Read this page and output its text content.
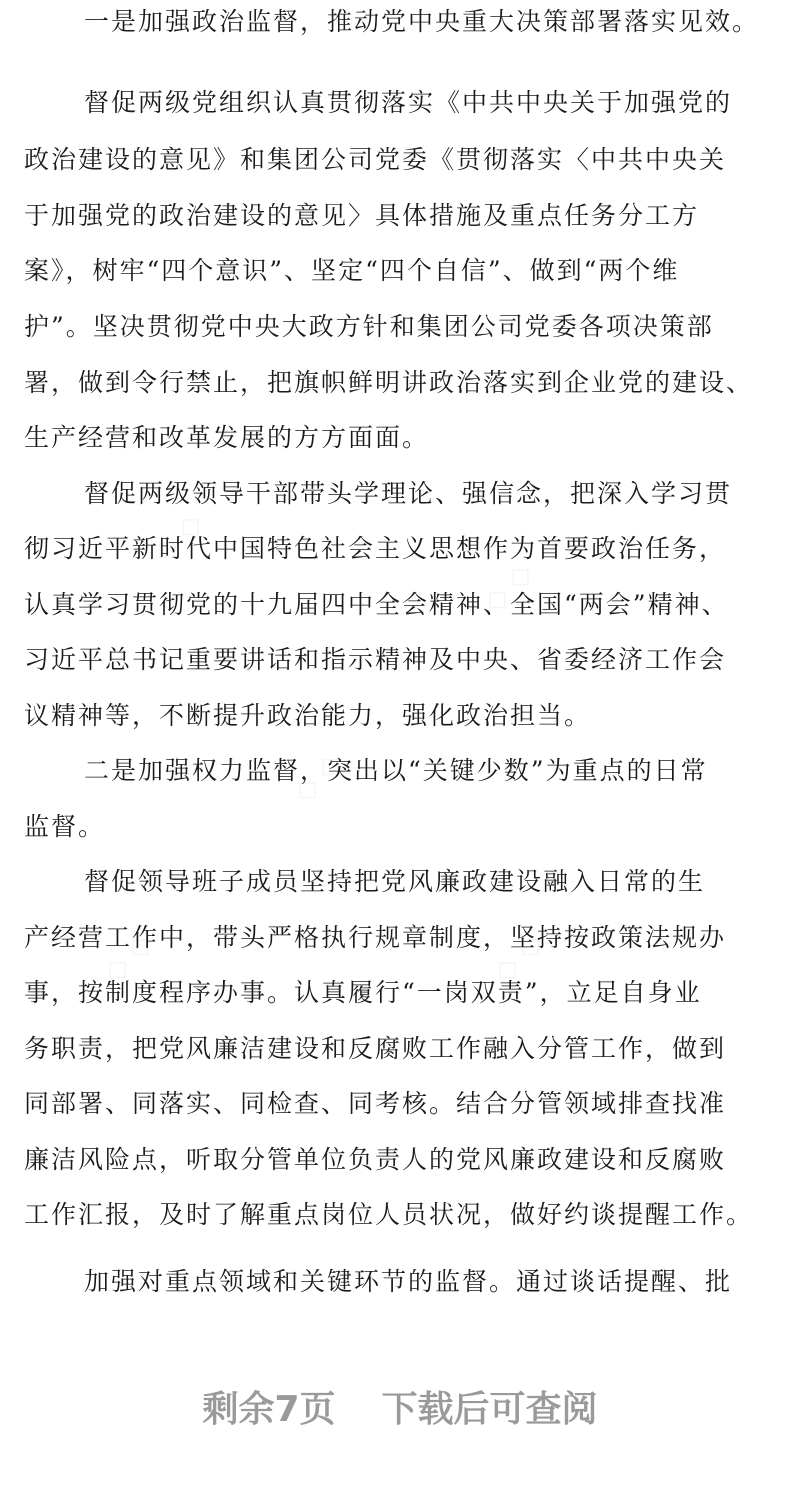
一是加强政治监督，推动党中央重大决策部署落实见效。
督促两级党组织认真贯彻落实《中共中央关于加强党的
政治建设的意见》和集团公司党委《贯彻落实〈中共中央关
于加强党的政治建设的意见〉具体措施及重点任务分工方
案》，树牢“四个意识”、坚定“四个自信”、做到“两个维
护”。坚决贯彻党中央大政方针和集团公司党委各项决策部
署，做到令行禁止，把旗帜鲜明讲政治落实到企业党的建设、
生产经营和改革发展的方方面面。
督促两级领导干部带头学理论、强信念，把深入学习贯
彻习近平新时代中国特色社会主义思想作为首要政治任务，
认真学习贯彻党的十九届四中全会精神、全国“两会”精神、
习近平总书记重要讲话和指示精神及中央、省委经济工作会
议精神等，不断提升政治能力，强化政治担当。
二是加强权力监督，突出以“关键少数”为重点的日常
监督。
督促领导班子成员坚持把党风廉政建设融入日常的生
产经营工作中，带头严格执行规章制度，坚持按政策法规办
事，按制度程序办事。认真履行“一岗双责”，立足自身业
务职责，把党风廉洁建设和反腐败工作融入分管工作，做到
同部署、同落实、同检查、同考核。结合分管领域排查找准
廉洁风险点，听取分管单位负责人的党风廉政建设和反腐败
工作汇报，及时了解重点岗位人员状况，做好约谈提醒工作。
加强对重点领域和关键环节的监督。通过谈话提醒、批
剩余7页 下载后可查阅
